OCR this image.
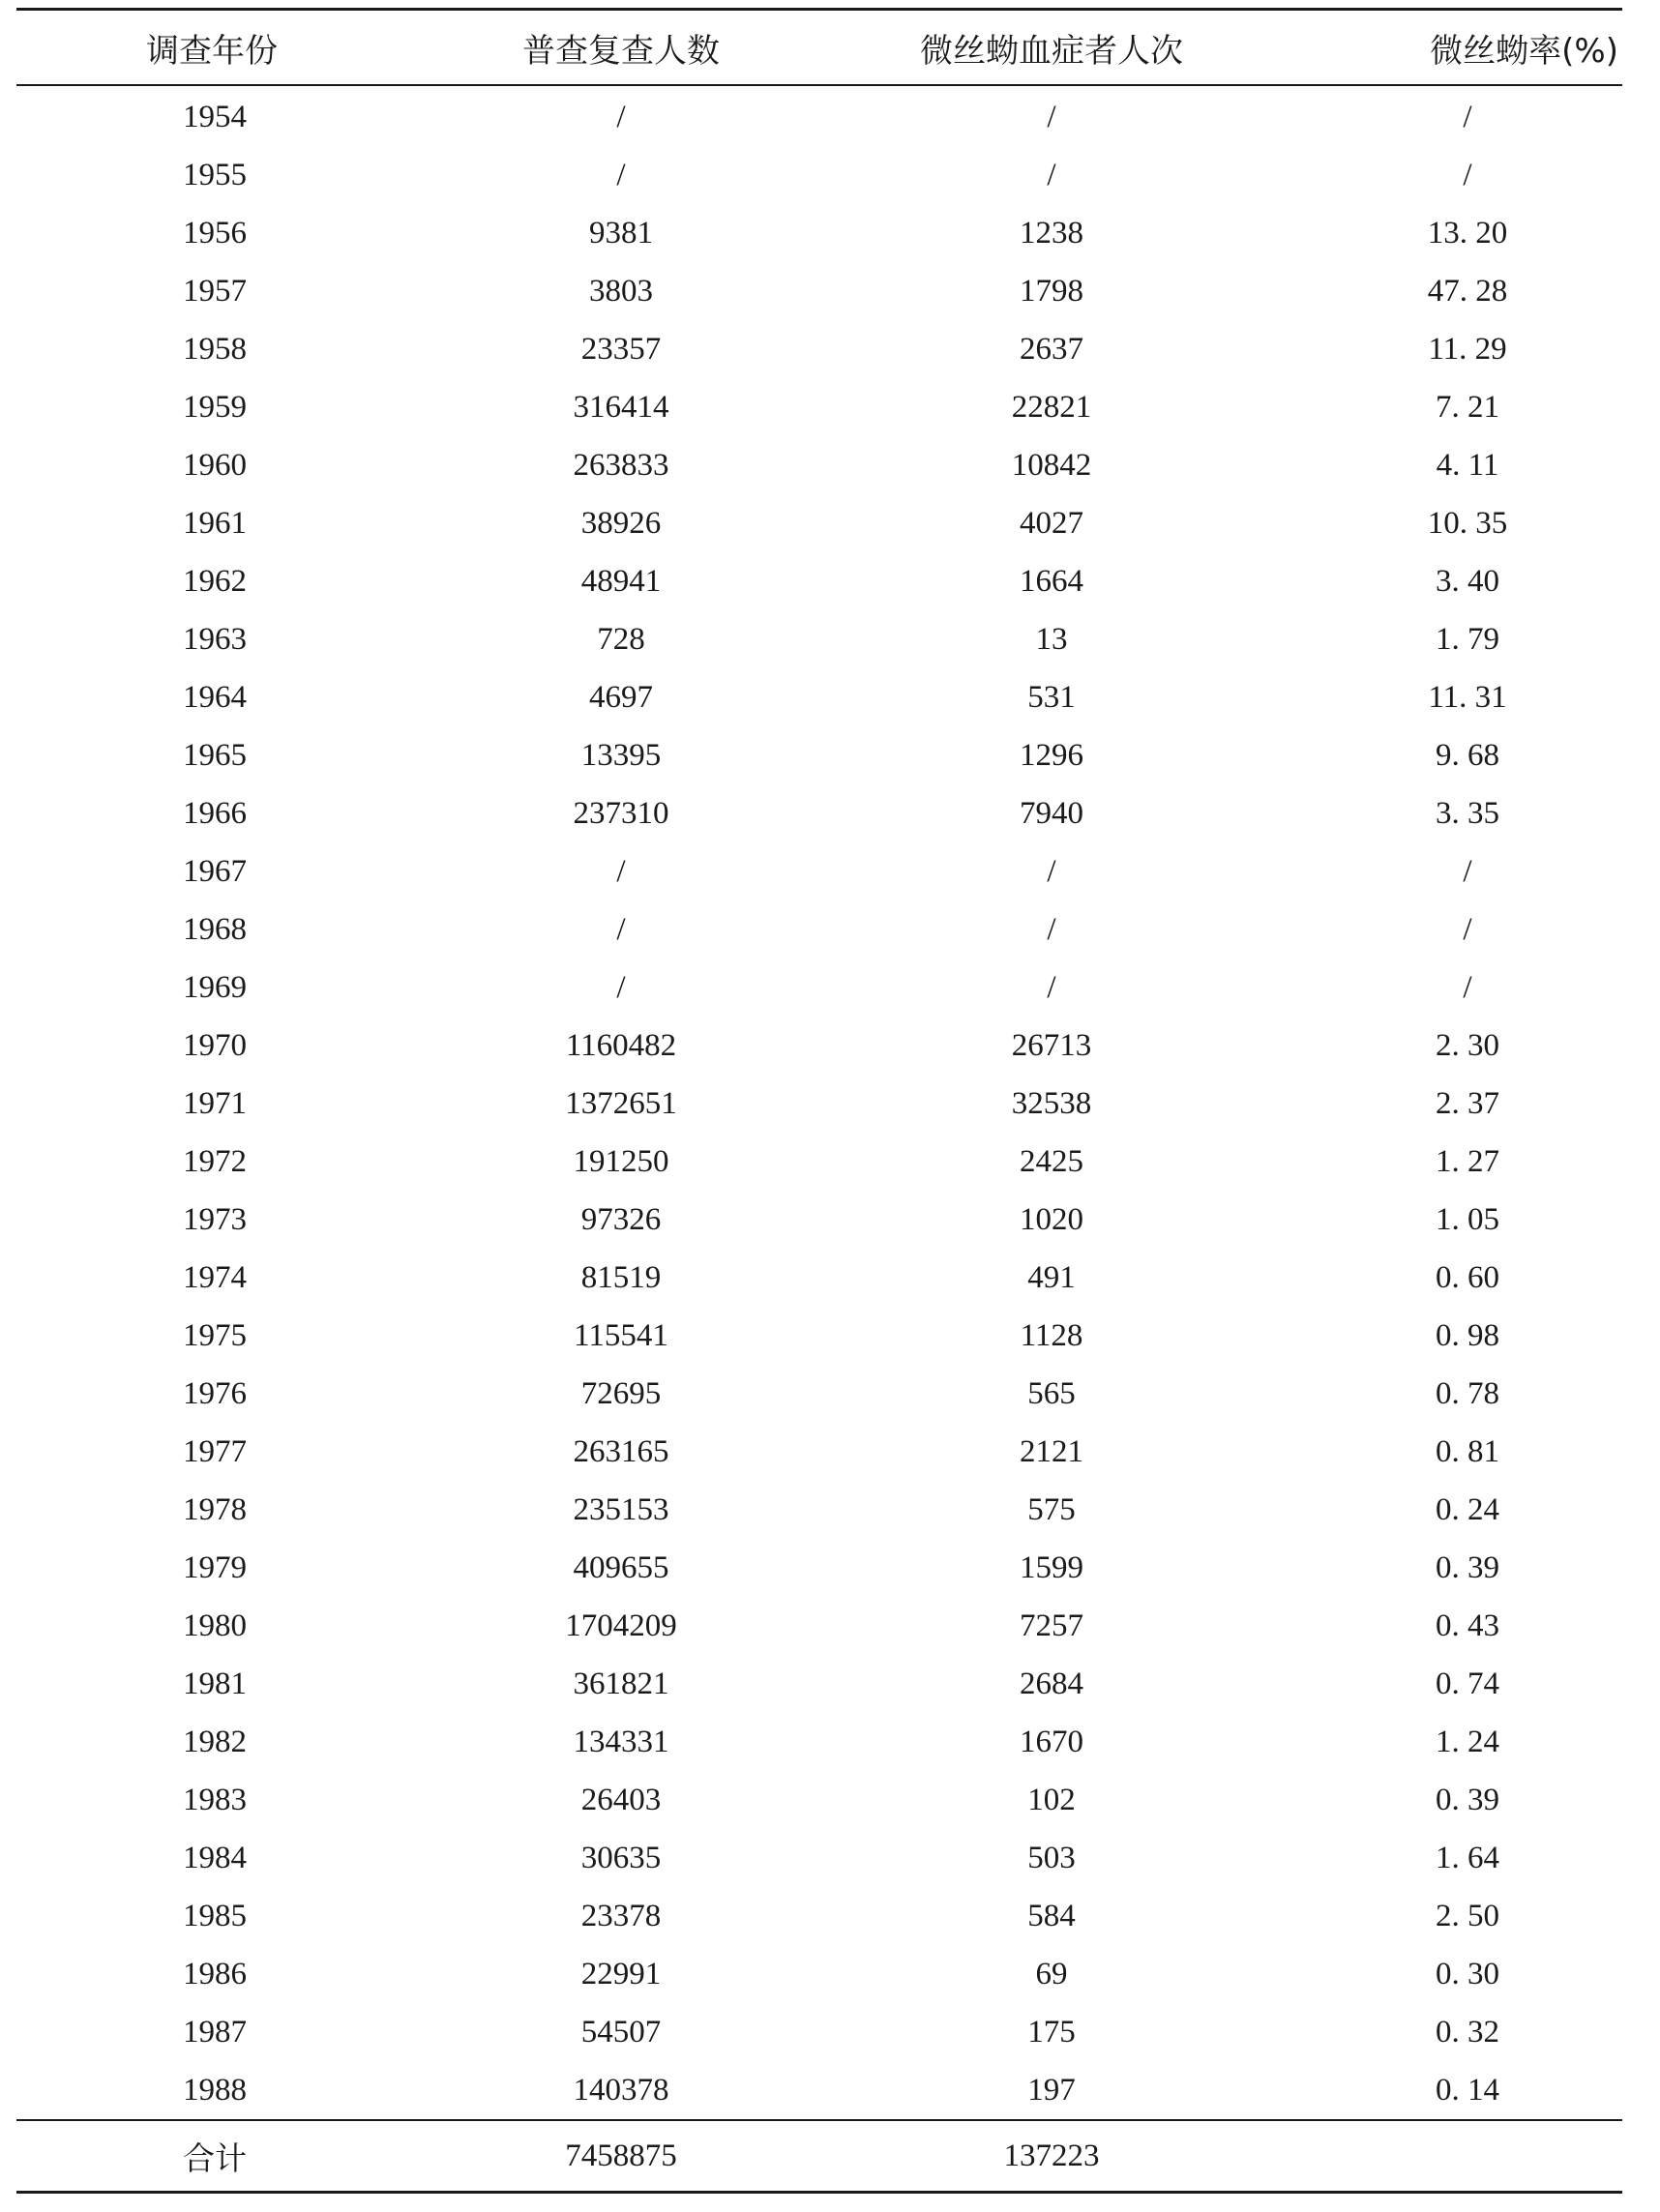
调查年份	普查复查人数	微丝蚴血症者人次	微丝蚴率(%)
1954	/	/	/
1955	/	/	/
1956	9381	1238	13. 20
1957	3803	1798	47. 28
1958	23357	2637	11. 29
1959	316414	22821	7. 21
1960	263833	10842	4. 11
1961	38926	4027	10. 35
1962	48941	1664	3. 40
1963	728	13	1. 79
1964	4697	531	11. 31
1965	13395	1296	9. 68
1966	237310	7940	3. 35
1967	/	/	/
1968	/	/	/
1969	/	/	/
1970	1160482	26713	2. 30
1971	1372651	32538	2. 37
1972	191250	2425	1. 27
1973	97326	1020	1. 05
1974	81519	491	0. 60
1975	115541	1128	0. 98
1976	72695	565	0. 78
1977	263165	2121	0. 81
1978	235153	575	0. 24
1979	409655	1599	0. 39
1980	1704209	7257	0. 43
1981	361821	2684	0. 74
1982	134331	1670	1. 24
1983	26403	102	0. 39
1984	30635	503	1. 64
1985	23378	584	2. 50
1986	22991	69	0. 30
1987	54507	175	0. 32
1988	140378	197	0. 14
合计	7458875	137223	
